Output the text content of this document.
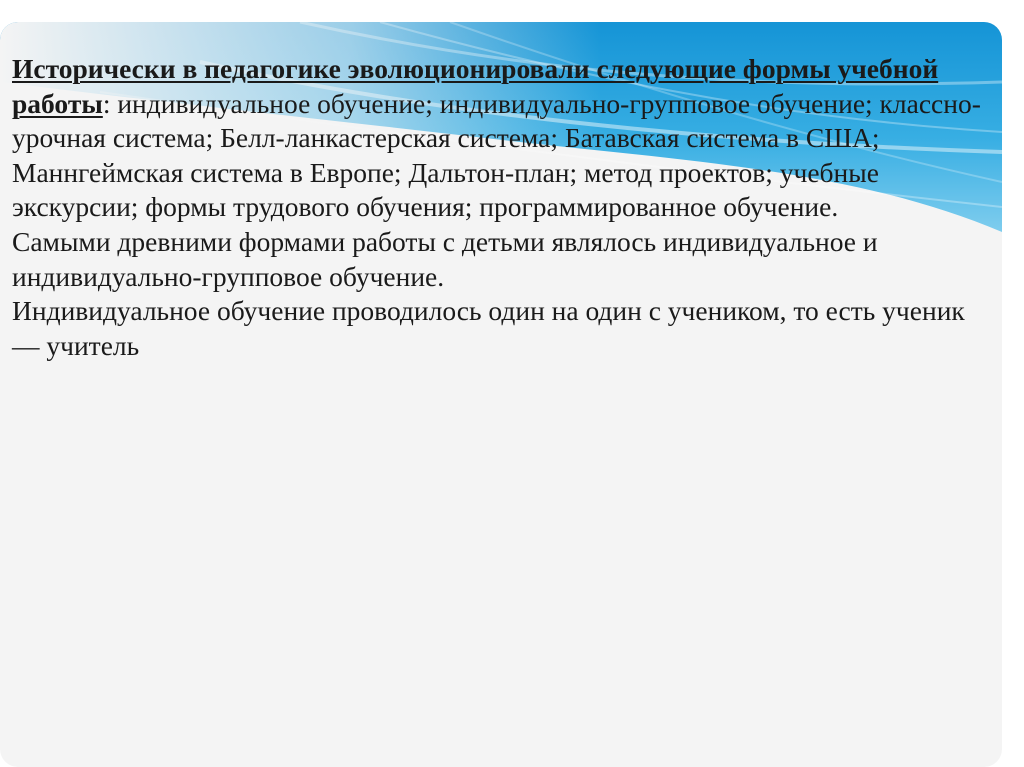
Исторически в педагогике эволюционировали следующие формы учебной работы: индивидуальное обучение; индивидуально-групповое обучение; классно-урочная система; Белл-ланкастерская система; Батавская система в США; Маннгеймская система в Европе; Дальтон-план; метод проектов; учебные экскурсии; формы трудового обучения; программированное обучение.

Самыми древними формами работы с детьми являлось индивидуальное и индивидуально-групповое обучение.

Индивидуальное обучение проводилось один на один с учеником, то есть ученик — учитель
